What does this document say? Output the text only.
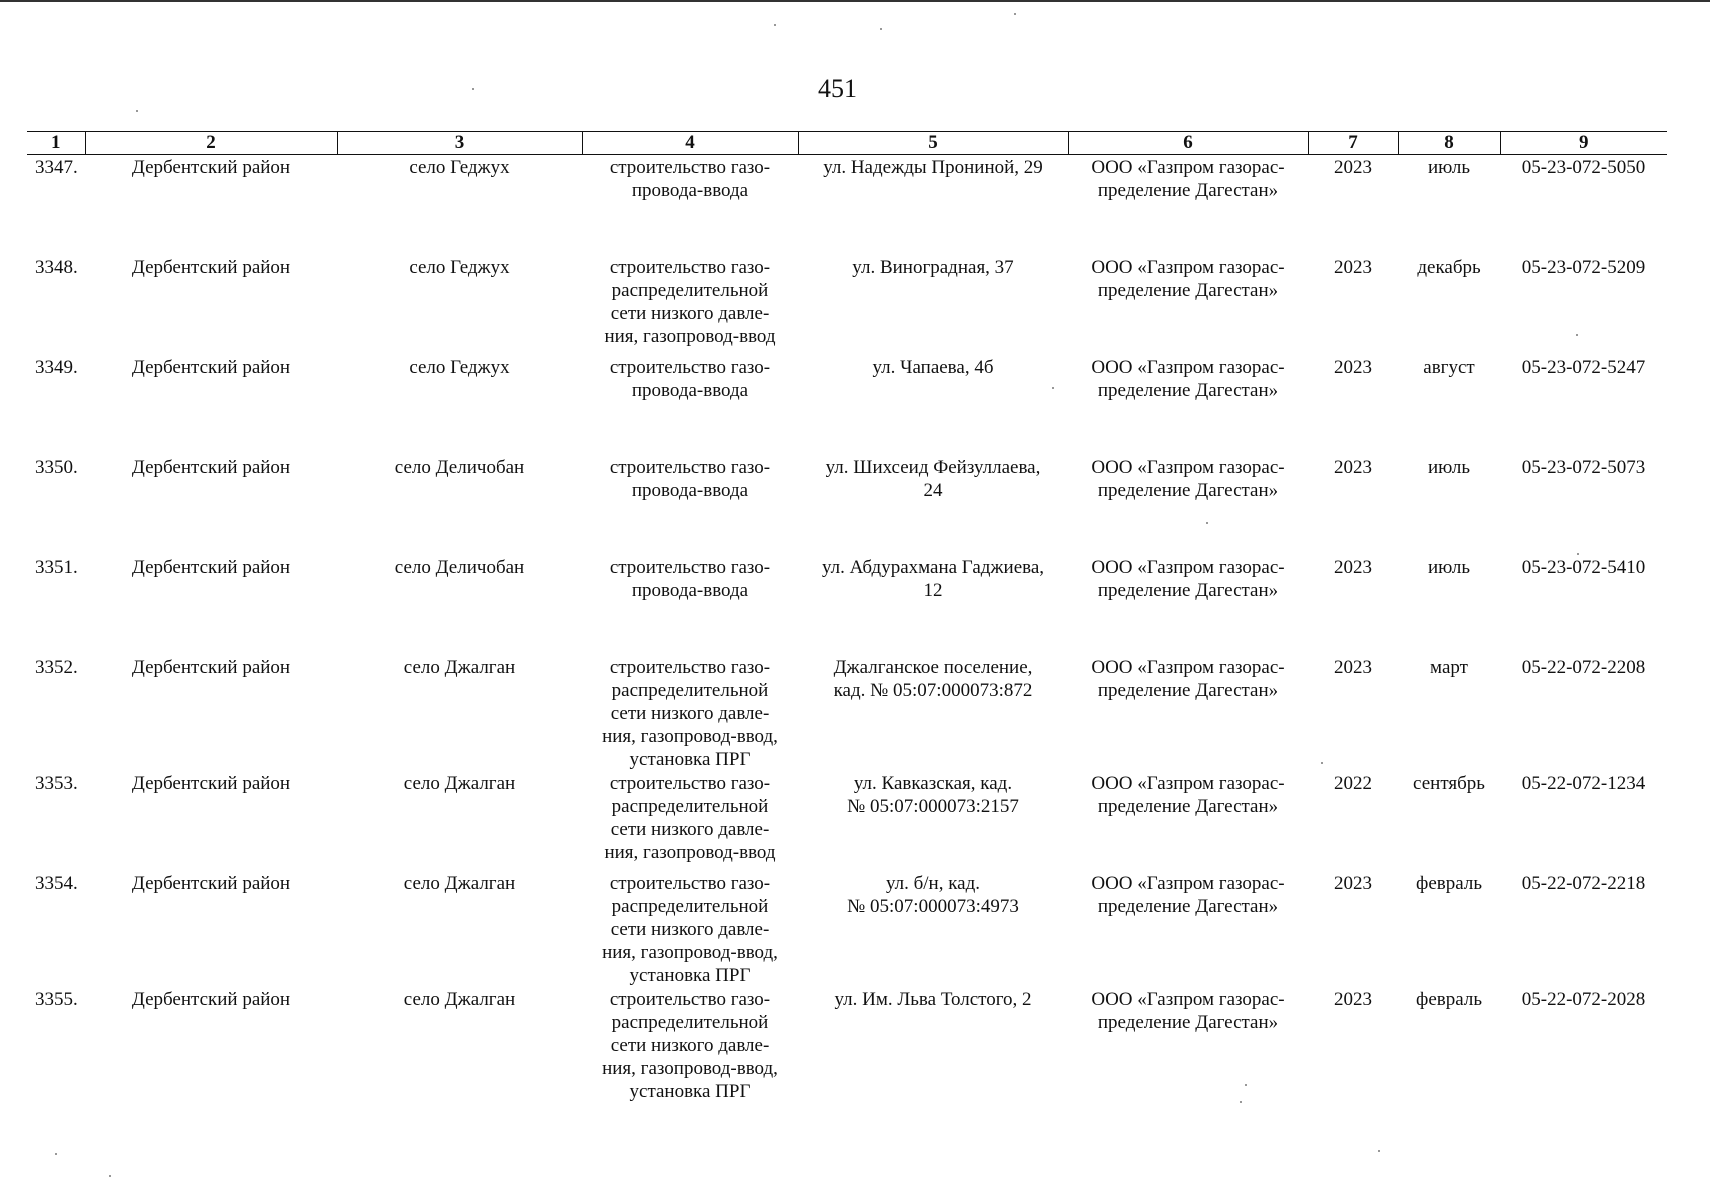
451
1	2	3	4	5	6	7	8	9
3347.	Дербентский район	село Геджух	строительство газо-
провода-ввода	ул. Надежды Прониной, 29	ООО «Газпром газорас-
пределение Дагестан»	2023	июль	05-23-072-5050
3348.	Дербентский район	село Геджух	строительство газо-
распределительной
сети низкого давле-
ния, газопровод-ввод	ул. Виноградная, 37	ООО «Газпром газорас-
пределение Дагестан»	2023	декабрь	05-23-072-5209
3349.	Дербентский район	село Геджух	строительство газо-
провода-ввода	ул. Чапаева, 4б	ООО «Газпром газорас-
пределение Дагестан»	2023	август	05-23-072-5247
3350.	Дербентский район	село Деличобан	строительство газо-
провода-ввода	ул. Шихсеид Фейзуллаева,
24	ООО «Газпром газорас-
пределение Дагестан»	2023	июль	05-23-072-5073
3351.	Дербентский район	село Деличобан	строительство газо-
провода-ввода	ул. Абдурахмана Гаджиева,
12	ООО «Газпром газорас-
пределение Дагестан»	2023	июль	05-23-072-5410
3352.	Дербентский район	село Джалган	строительство газо-
распределительной
сети низкого давле-
ния, газопровод-ввод,
установка ПРГ	Джалганское поселение,
кад. № 05:07:000073:872	ООО «Газпром газорас-
пределение Дагестан»	2023	март	05-22-072-2208
3353.	Дербентский район	село Джалган	строительство газо-
распределительной
сети низкого давле-
ния, газопровод-ввод	ул. Кавказская, кад.
№ 05:07:000073:2157	ООО «Газпром газорас-
пределение Дагестан»	2022	сентябрь	05-22-072-1234
3354.	Дербентский район	село Джалган	строительство газо-
распределительной
сети низкого давле-
ния, газопровод-ввод,
установка ПРГ	ул. б/н, кад.
№ 05:07:000073:4973	ООО «Газпром газорас-
пределение Дагестан»	2023	февраль	05-22-072-2218
3355.	Дербентский район	село Джалган	строительство газо-
распределительной
сети низкого давле-
ния, газопровод-ввод,
установка ПРГ	ул. Им. Льва Толстого, 2	ООО «Газпром газорас-
пределение Дагестан»	2023	февраль	05-22-072-2028
